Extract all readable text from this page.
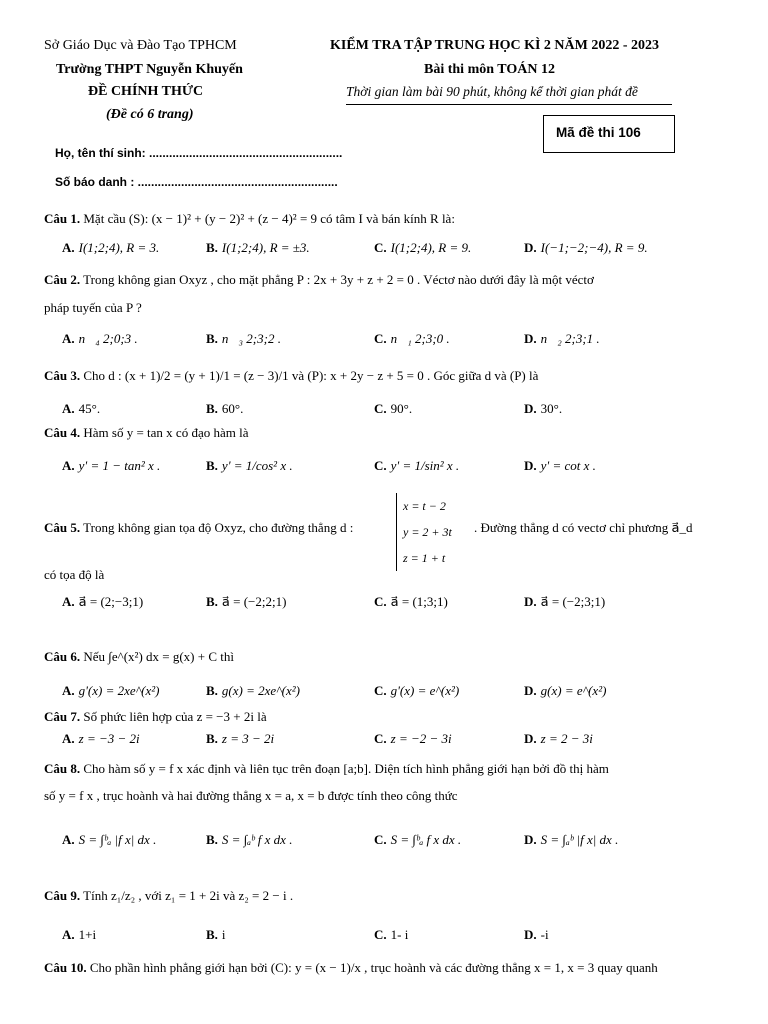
Sở Giáo Dục và Đào Tạo TPHCM
Trường THPT Nguyễn Khuyến
ĐỀ CHÍNH THỨC
(Đề có 6 trang)
KIỂM TRA TẬP TRUNG HỌC KÌ 2 NĂM 2022 - 2023
Bài thi môn TOÁN 12
Thời gian làm bài 90 phút, không kể thời gian phát đề
Mã đề thi 106
Họ, tên thí sinh: ..........................................................
Số báo danh : ............................................................
Câu 1. Mặt cầu (S): (x − 1)² + (y − 2)² + (z − 4)² = 9 có tâm I và bán kính R là:
A. I(1;2;4), R = 3.	B. I(1;2;4), R = ±3.	C. I(1;2;4), R = 9.	D. I(−1;−2;−4), R = 9.
Câu 2. Trong không gian Oxyz , cho mặt phẳng P : 2x + 3y + z + 2 = 0 . Véctơ nào dưới đây là một véctơ
pháp tuyến của P ?
A. n⃗₄ 2;0;3 .	B. n⃗₃ 2;3;2 .	C. n⃗₁ 2;3;0 .	D. n⃗₂ 2;3;1 .
Câu 3. Cho d : (x + 1)/2 = (y + 1)/1 = (z − 3)/1 và (P): x + 2y − z + 5 = 0 . Góc giữa d và (P) là
A. 45°.	B. 60°.	C. 90°.	D. 30°.
Câu 4. Hàm số y = tan x có đạo hàm là
A. y' = 1 − tan² x .	B. y' = 1/cos² x .	C. y' = 1/sin² x .	D. y' = cot x .
Câu 5. Trong không gian tọa độ Oxyz, cho đường thẳng d :
x = t − 2
y = 2 + 3t
z = 1 + t
. Đường thẳng d có vectơ chỉ phương a⃗_d
có tọa độ là
A. a⃗ = (2;−3;1)	B. a⃗ = (−2;2;1)	C. a⃗ = (1;3;1)	D. a⃗ = (−2;3;1)
Câu 6. Nếu ∫e^(x²) dx = g(x) + C thì
A. g'(x) = 2xe^(x²)	B. g(x) = 2xe^(x²)	C. g'(x) = e^(x²)	D. g(x) = e^(x²)
Câu 7. Số phức liên hợp của z = −3 + 2i là
A. z = −3 − 2i	B. z = 3 − 2i	C. z = −2 − 3i	D. z = 2 − 3i
Câu 8. Cho hàm số y = f x xác định và liên tục trên đoạn [a;b]. Diện tích hình phẳng giới hạn bởi đồ thị hàm
số y = f x , trục hoành và hai đường thẳng x = a, x = b được tính theo công thức
A. S = ∫ᵇₐ |f x| dx .	B. S = ∫ₐᵇ f x dx .	C. S = ∫ᵇₐ f x dx .	D. S = ∫ₐᵇ |f x| dx .
Câu 9. Tính z₁/z₂ , với z₁ = 1 + 2i và z₂ = 2 − i .
A. 1+i	B. i	C. 1- i	D. -i
Câu 10. Cho phần hình phẳng giới hạn bởi (C): y = (x − 1)/x , trục hoành và các đường thẳng x = 1, x = 3 quay quanh
